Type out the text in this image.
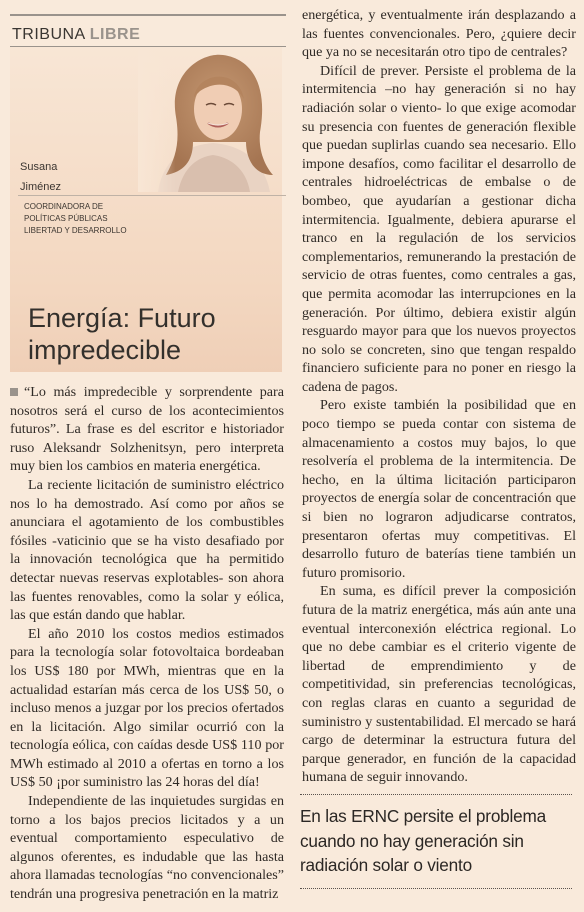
TRIBUNA LIBRE

Susana
Jiménez

COORDINADORA DE
POLÍTICAS PÚBLICAS
LIBERTAD Y DESARROLLO

Energía: Futuro
impredecible

“Lo más impredecible y sorprendente para nosotros será el curso de los acontecimientos futuros”. La frase es del escritor e historiador ruso Aleksandr Solzhenitsyn, pero interpreta muy bien los cambios en materia energética.

La reciente licitación de suministro eléctrico nos lo ha demostrado. Así como por años se anunciara el agotamiento de los combustibles fósiles -vaticinio que se ha visto desafiado por la innovación tecnológica que ha permitido detectar nuevas reservas explotables- son ahora las fuentes renovables, como la solar y eólica, las que están dando que hablar.

El año 2010 los costos medios estimados para la tecnología solar fotovoltaica bordeaban los US$ 180 por MWh, mientras que en la actualidad estarían más cerca de los US$ 50, o incluso menos a juzgar por los precios ofertados en la licitación. Algo similar ocurrió con la tecnología eólica, con caídas desde US$ 110 por MWh estimado al 2010 a ofertas en torno a los US$ 50 ¡por suministro las 24 horas del día!

Independiente de las inquietudes surgidas en torno a los bajos precios licitados y a un eventual comportamiento especulativo de algunos oferentes, es indudable que las hasta ahora llamadas tecnologías “no convencionales” tendrán una progresiva penetración en la matriz

energética, y eventualmente irán desplazando a las fuentes convencionales. Pero, ¿quiere decir que ya no se necesitarán otro tipo de centrales?

Difícil de prever. Persiste el problema de la intermitencia –no hay generación si no hay radiación solar o viento- lo que exige acomodar su presencia con fuentes de generación flexible que puedan suplirlas cuando sea necesario. Ello impone desafíos, como facilitar el desarrollo de centrales hidroeléctricas de embalse o de bombeo, que ayudarían a gestionar dicha intermitencia. Igualmente, debiera apurarse el tranco en la regulación de los servicios complementarios, remunerando la prestación de servicio de otras fuentes, como centrales a gas, que permita acomodar las interrupciones en la generación. Por último, debiera existir algún resguardo mayor para que los nuevos proyectos no solo se concreten, sino que tengan respaldo financiero suficiente para no poner en riesgo la cadena de pagos.

Pero existe también la posibilidad que en poco tiempo se pueda contar con sistema de almacenamiento a costos muy bajos, lo que resolvería el problema de la intermitencia. De hecho, en la última licitación participaron proyectos de energía solar de concentración que si bien no lograron adjudicarse contratos, presentaron ofertas muy competitivas. El desarrollo futuro de baterías tiene también un futuro promisorio.

En suma, es difícil prever la composición futura de la matriz energética, más aún ante una eventual interconexión eléctrica regional. Lo que no debe cambiar es el criterio vigente de libertad de emprendimiento y de competitividad, sin preferencias tecnológicas, con reglas claras en cuanto a seguridad de suministro y sustentabilidad. El mercado se hará cargo de determinar la estructura futura del parque generador, en función de la capacidad humana de seguir innovando.

En las ERNC persite el problema cuando no hay generación sin radiación solar o viento
